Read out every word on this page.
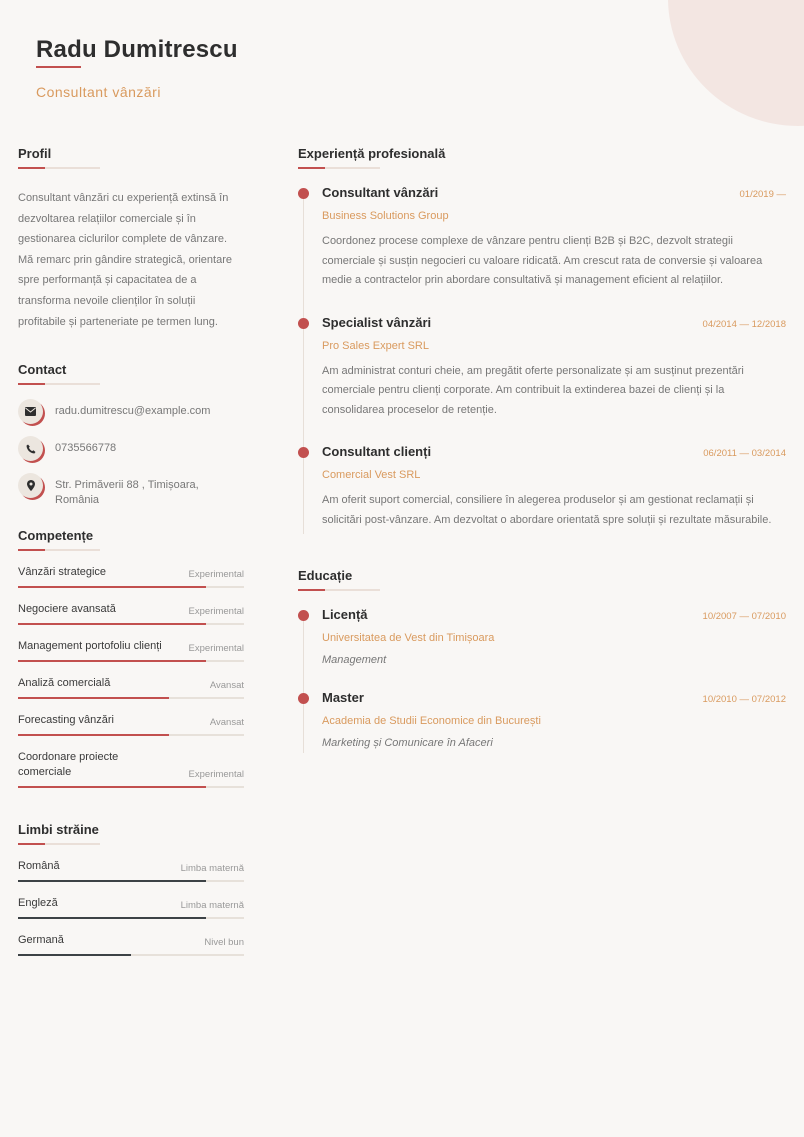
Radu Dumitrescu
Consultant vânzări
Profil

Consultant vânzări cu experiență extinsă în dezvoltarea relațiilor comerciale și în gestionarea ciclurilor complete de vânzare. Mă remarc prin gândire strategică, orientare spre performanță și capacitatea de a transforma nevoile clienților în soluții profitabile și parteneriate pe termen lung.

Contact
radu.dumitrescu@example.com
0735566778
Str. Primăverii 88 , Timișoara, România
Competențe
Vânzări strategice	Experimental
Negociere avansată	Experimental
Management portofoliu clienți	Experimental
Analiză comercială	Avansat
Forecasting vânzări	Avansat
Coordonare proiecte comerciale	Experimental
Limbi străine
Română	Limba maternă
Engleză	Limba maternă
Germană	Nivel bun
Experiență profesională
Consultant vânzări	01/2019 —
Business Solutions Group
Coordonez procese complexe de vânzare pentru clienți B2B și B2C, dezvolt strategii comerciale și susțin negocieri cu valoare ridicată. Am crescut rata de conversie și valoarea medie a contractelor prin abordare consultativă și management eficient al relațiilor.
Specialist vânzări	04/2014 — 12/2018
Pro Sales Expert SRL
Am administrat conturi cheie, am pregătit oferte personalizate și am susținut prezentări comerciale pentru clienți corporate. Am contribuit la extinderea bazei de clienți și la consolidarea proceselor de retenție.
Consultant clienți	06/2011 — 03/2014
Comercial Vest SRL
Am oferit suport comercial, consiliere în alegerea produselor și am gestionat reclamații și solicitări post-vânzare. Am dezvoltat o abordare orientată spre soluții și rezultate măsurabile.
Educație
Licență	10/2007 — 07/2010
Universitatea de Vest din Timișoara
Management
Master	10/2010 — 07/2012
Academia de Studii Economice din București
Marketing și Comunicare în Afaceri
